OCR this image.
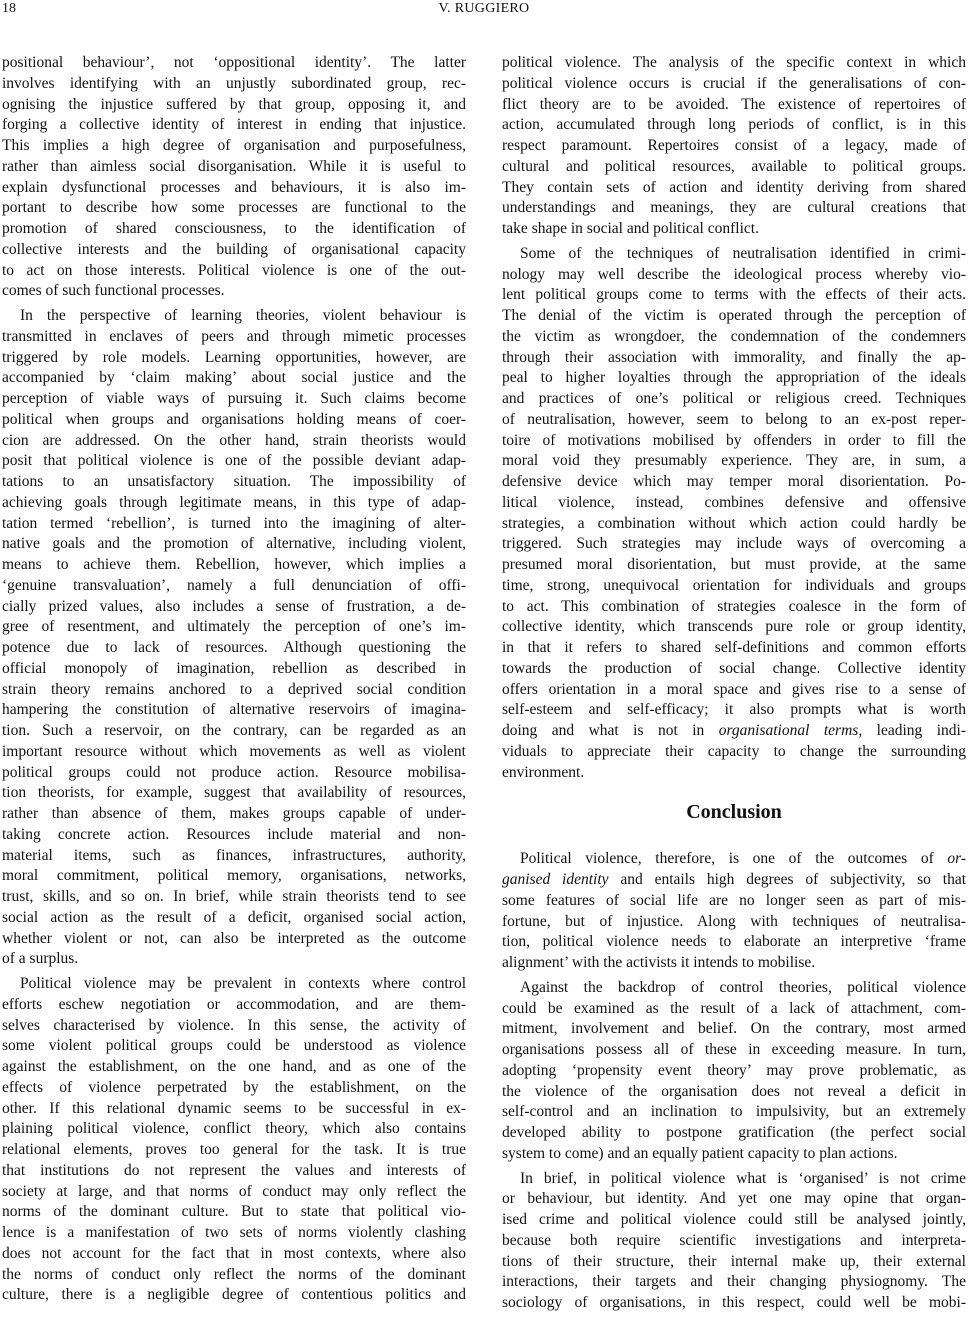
18	V. RUGGIERO
positional behaviour’, not ‘oppositional identity’. The latter
involves identifying with an unjustly subordinated group, rec-
ognising the injustice suffered by that group, opposing it, and
forging a collective identity of interest in ending that injustice.
This implies a high degree of organisation and purposefulness,
rather than aimless social disorganisation. While it is useful to
explain dysfunctional processes and behaviours, it is also im-
portant to describe how some processes are functional to the
promotion of shared consciousness, to the identification of
collective interests and the building of organisational capacity
to act on those interests. Political violence is one of the out-
comes of such functional processes.
In the perspective of learning theories, violent behaviour is
transmitted in enclaves of peers and through mimetic processes
triggered by role models. Learning opportunities, however, are
accompanied by ‘claim making’ about social justice and the
perception of viable ways of pursuing it. Such claims become
political when groups and organisations holding means of coer-
cion are addressed. On the other hand, strain theorists would
posit that political violence is one of the possible deviant adap-
tations to an unsatisfactory situation. The impossibility of
achieving goals through legitimate means, in this type of adap-
tation termed ‘rebellion’, is turned into the imagining of alter-
native goals and the promotion of alternative, including violent,
means to achieve them. Rebellion, however, which implies a
‘genuine transvaluation’, namely a full denunciation of offi-
cially prized values, also includes a sense of frustration, a de-
gree of resentment, and ultimately the perception of one’s im-
potence due to lack of resources. Although questioning the
official monopoly of imagination, rebellion as described in
strain theory remains anchored to a deprived social condition
hampering the constitution of alternative reservoirs of imagina-
tion. Such a reservoir, on the contrary, can be regarded as an
important resource without which movements as well as violent
political groups could not produce action. Resource mobilisa-
tion theorists, for example, suggest that availability of resources,
rather than absence of them, makes groups capable of under-
taking concrete action. Resources include material and non-
material items, such as finances, infrastructures, authority,
moral commitment, political memory, organisations, networks,
trust, skills, and so on. In brief, while strain theorists tend to see
social action as the result of a deficit, organised social action,
whether violent or not, can also be interpreted as the outcome
of a surplus.
Political violence may be prevalent in contexts where control
efforts eschew negotiation or accommodation, and are them-
selves characterised by violence. In this sense, the activity of
some violent political groups could be understood as violence
against the establishment, on the one hand, and as one of the
effects of violence perpetrated by the establishment, on the
other. If this relational dynamic seems to be successful in ex-
plaining political violence, conflict theory, which also contains
relational elements, proves too general for the task. It is true
that institutions do not represent the values and interests of
society at large, and that norms of conduct may only reflect the
norms of the dominant culture. But to state that political vio-
lence is a manifestation of two sets of norms violently clashing
does not account for the fact that in most contexts, where also
the norms of conduct only reflect the norms of the dominant
culture, there is a negligible degree of contentious politics and
political violence. The analysis of the specific context in which
political violence occurs is crucial if the generalisations of con-
flict theory are to be avoided. The existence of repertoires of
action, accumulated through long periods of conflict, is in this
respect paramount. Repertoires consist of a legacy, made of
cultural and political resources, available to political groups.
They contain sets of action and identity deriving from shared
understandings and meanings, they are cultural creations that
take shape in social and political conflict.
Some of the techniques of neutralisation identified in crimi-
nology may well describe the ideological process whereby vio-
lent political groups come to terms with the effects of their acts.
The denial of the victim is operated through the perception of
the victim as wrongdoer, the condemnation of the condemners
through their association with immorality, and finally the ap-
peal to higher loyalties through the appropriation of the ideals
and practices of one’s political or religious creed. Techniques
of neutralisation, however, seem to belong to an ex-post reper-
toire of motivations mobilised by offenders in order to fill the
moral void they presumably experience. They are, in sum, a
defensive device which may temper moral disorientation. Po-
litical violence, instead, combines defensive and offensive
strategies, a combination without which action could hardly be
triggered. Such strategies may include ways of overcoming a
presumed moral disorientation, but must provide, at the same
time, strong, unequivocal orientation for individuals and groups
to act. This combination of strategies coalesce in the form of
collective identity, which transcends pure role or group identity,
in that it refers to shared self-definitions and common efforts
towards the production of social change. Collective identity
offers orientation in a moral space and gives rise to a sense of
self-esteem and self-efficacy; it also prompts what is worth
doing and what is not in organisational terms, leading indi-
viduals to appreciate their capacity to change the surrounding
environment.
Conclusion
Political violence, therefore, is one of the outcomes of or-
ganised identity and entails high degrees of subjectivity, so that
some features of social life are no longer seen as part of mis-
fortune, but of injustice. Along with techniques of neutralisa-
tion, political violence needs to elaborate an interpretive ‘frame
alignment’ with the activists it intends to mobilise.
Against the backdrop of control theories, political violence
could be examined as the result of a lack of attachment, com-
mitment, involvement and belief. On the contrary, most armed
organisations possess all of these in exceeding measure. In turn,
adopting ‘propensity event theory’ may prove problematic, as
the violence of the organisation does not reveal a deficit in
self-control and an inclination to impulsivity, but an extremely
developed ability to postpone gratification (the perfect social
system to come) and an equally patient capacity to plan actions.
In brief, in political violence what is ‘organised’ is not crime
or behaviour, but identity. And yet one may opine that organ-
ised crime and political violence could still be analysed jointly,
because both require scientific investigations and interpreta-
tions of their structure, their internal make up, their external
interactions, their targets and their changing physiognomy. The
sociology of organisations, in this respect, could well be mobi-
